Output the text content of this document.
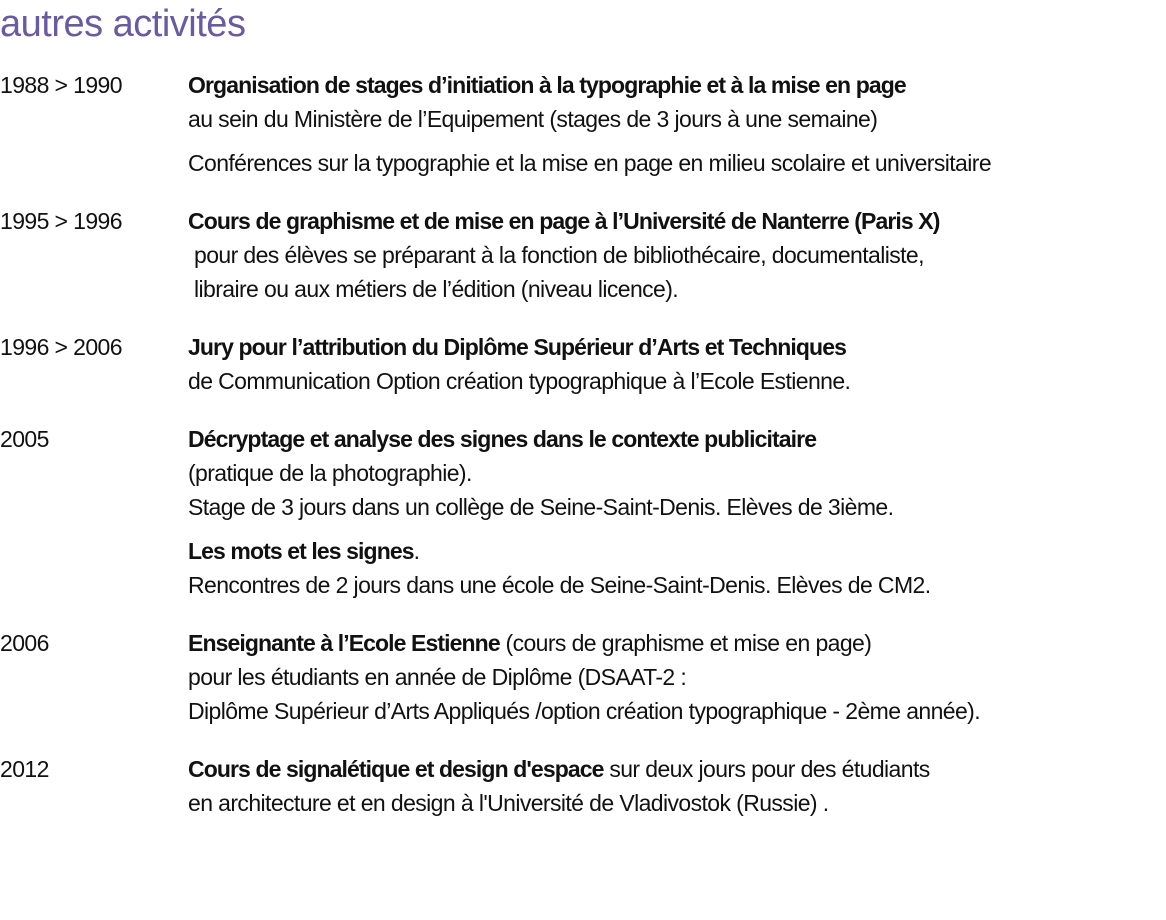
autres activités
1988 > 1990	Organisation de stages d’initiation à la typographie et à la mise en page
au sein du Ministère de l’Equipement (stages de 3 jours à une semaine)
Conférences sur la typographie et la mise en page en milieu scolaire et universitaire
1995 > 1996	Cours de graphisme et de mise en page à l’Université de Nanterre (Paris X)
pour des élèves se préparant à la fonction de bibliothécaire, documentaliste,
libraire ou aux métiers de l’édition (niveau licence).
1996 > 2006	Jury pour l’attribution du Diplôme Supérieur d’Arts et Techniques
de Communication Option création typographique à l’Ecole Estienne.
2005	Décryptage et analyse des signes dans le contexte publicitaire
(pratique de la photographie).
Stage de 3 jours dans un collège de Seine-Saint-Denis. Elèves de 3ième.
Les mots et les signes.
Rencontres de 2 jours dans une école de Seine-Saint-Denis. Elèves de CM2.
2006	Enseignante à l’Ecole Estienne (cours de graphisme et mise en page)
pour les étudiants en année de Diplôme (DSAAT-2 :
Diplôme Supérieur d’Arts Appliqués /option création typographique - 2ème année).
2012	Cours de signalétique et design d'espace sur deux jours pour des étudiants
en architecture et en design à l'Université de Vladivostok (Russie) .
